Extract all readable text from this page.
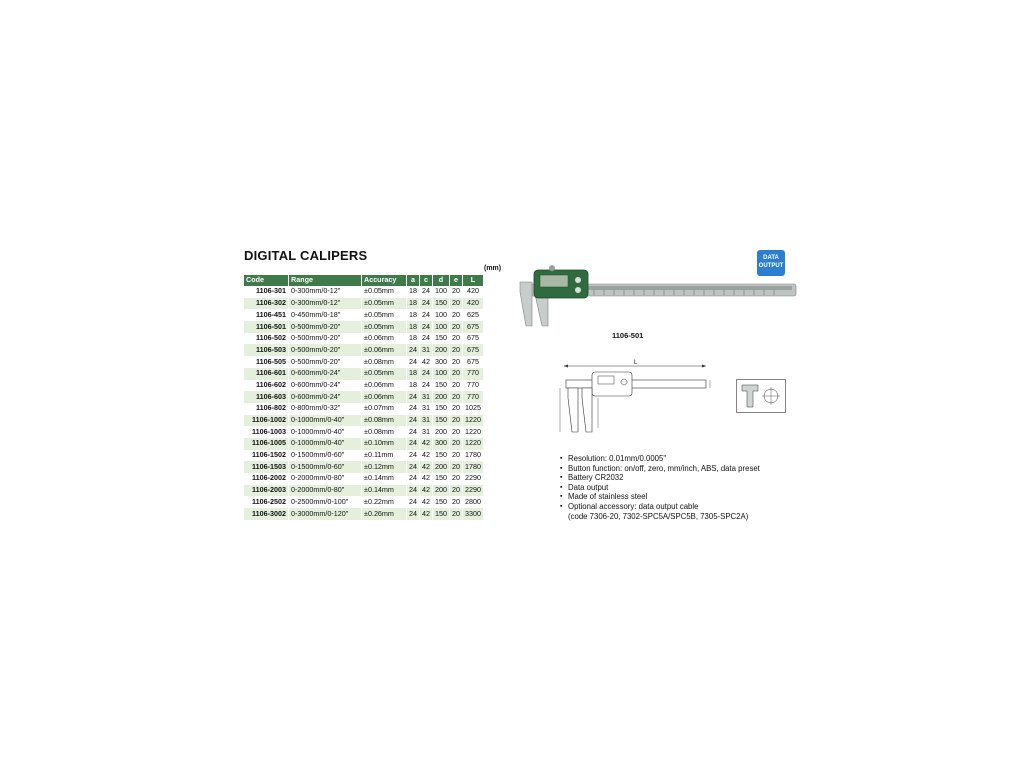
DIGITAL CALIPERS
(mm)
Code	Range	Accuracy	a	c	d	e	L
1106-301	0-300mm/0-12"	±0.05mm	18	24	100	20	420
1106-302	0-300mm/0-12"	±0.05mm	18	24	150	20	420
1106-451	0-450mm/0-18"	±0.05mm	18	24	100	20	625
1106-501	0-500mm/0-20"	±0.05mm	18	24	100	20	675
1106-502	0-500mm/0-20"	±0.06mm	18	24	150	20	675
1106-503	0-500mm/0-20"	±0.06mm	24	31	200	20	675
1106-505	0-500mm/0-20"	±0.08mm	24	42	300	20	675
1106-601	0-600mm/0-24"	±0.05mm	18	24	100	20	770
1106-602	0-600mm/0-24"	±0.06mm	18	24	150	20	770
1106-603	0-600mm/0-24"	±0.06mm	24	31	200	20	770
1106-802	0-800mm/0-32"	±0.07mm	24	31	150	20	1025
1106-1002	0-1000mm/0-40"	±0.08mm	24	31	150	20	1220
1106-1003	0-1000mm/0-40"	±0.08mm	24	31	200	20	1220
1106-1005	0-1000mm/0-40"	±0.10mm	24	42	300	20	1220
1106-1502	0-1500mm/0-60"	±0.11mm	24	42	150	20	1780
1106-1503	0-1500mm/0-60"	±0.12mm	24	42	200	20	1780
1106-2002	0-2000mm/0-80"	±0.14mm	24	42	150	20	2290
1106-2003	0-2000mm/0-80"	±0.14mm	24	42	200	20	2290
1106-2502	0-2500mm/0-100"	±0.22mm	24	42	150	20	2800
1106-3002	0-3000mm/0-120"	±0.26mm	24	42	150	20	3300
1106-501
DATA
OUTPUT
L
▪ Resolution: 0.01mm/0.0005"
▪ Button function: on/off, zero, mm/inch, ABS, data preset
▪ Battery CR2032
▪ Data output
▪ Made of stainless steel
▪ Optional accessory: data output cable
(code 7306-20, 7302-SPC5A/SPC5B, 7305-SPC2A)
